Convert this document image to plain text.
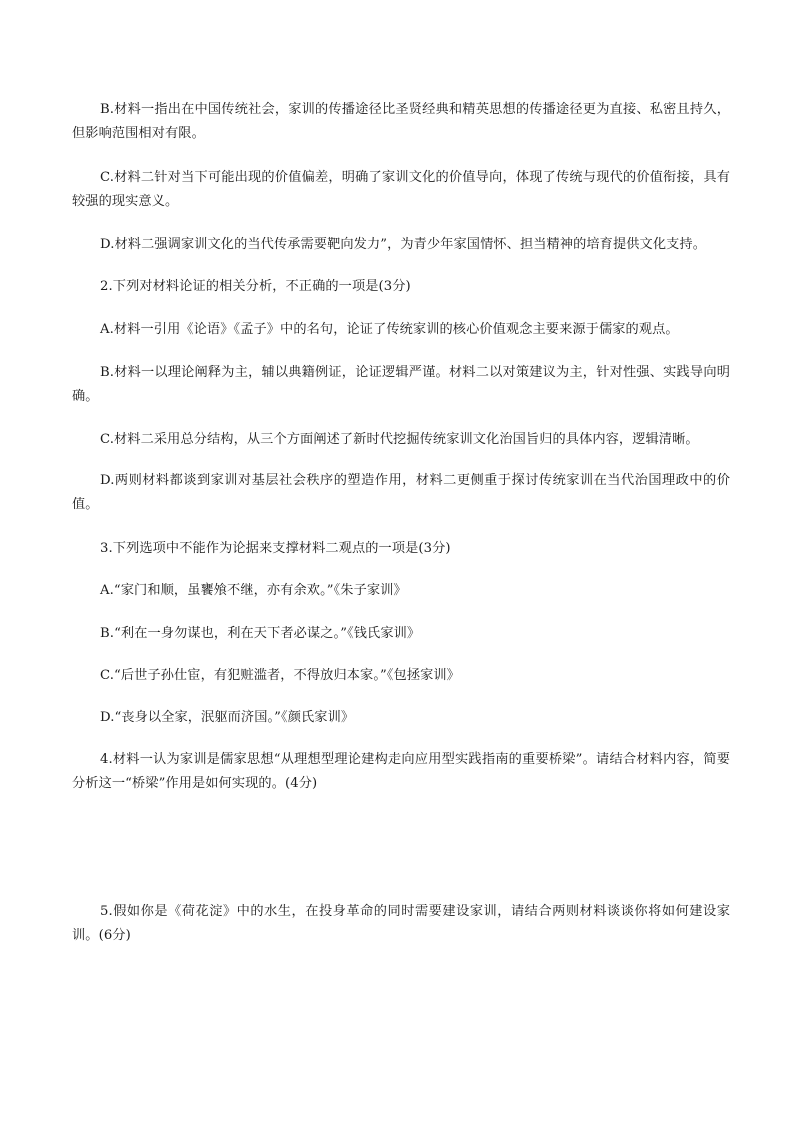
B.材料一指出在中国传统社会，家训的传播途径比圣贤经典和精英思想的传播途径更为直接、私密且持久，但影响范围相对有限。

C.材料二针对当下可能出现的价值偏差，明确了家训文化的价值导向，体现了传统与现代的价值衔接，具有较强的现实意义。

D.材料二强调家训文化的当代传承需要靶向发力”，为青少年家国情怀、担当精神的培育提供文化支持。

2.下列对材料论证的相关分析，不正确的一项是(3分)

A.材料一引用《论语》《孟子》中的名句，论证了传统家训的核心价值观念主要来源于儒家的观点。

B.材料一以理论阐释为主，辅以典籍例证，论证逻辑严谨。材料二以对策建议为主，针对性强、实践导向明确。

C.材料二采用总分结构，从三个方面阐述了新时代挖掘传统家训文化治国旨归的具体内容，逻辑清晰。

D.两则材料都谈到家训对基层社会秩序的塑造作用，材料二更侧重于探讨传统家训在当代治国理政中的价值。

3.下列选项中不能作为论据来支撑材料二观点的一项是(3分)

A.“家门和顺，虽饔飧不继，亦有余欢。”《朱子家训》

B.“利在一身勿谋也，利在天下者必谋之。”《钱氏家训》

C.“后世子孙仕宦，有犯赃滥者，不得放归本家。”《包拯家训》

D.“丧身以全家，泯躯而济国。”《颜氏家训》

4.材料一认为家训是儒家思想“从理想型理论建构走向应用型实践指南的重要桥梁”。请结合材料内容，简要分析这一“桥梁”作用是如何实现的。(4分)

5.假如你是《荷花淀》中的水生，在投身革命的同时需要建设家训，请结合两则材料谈谈你将如何建设家训。(6分)
